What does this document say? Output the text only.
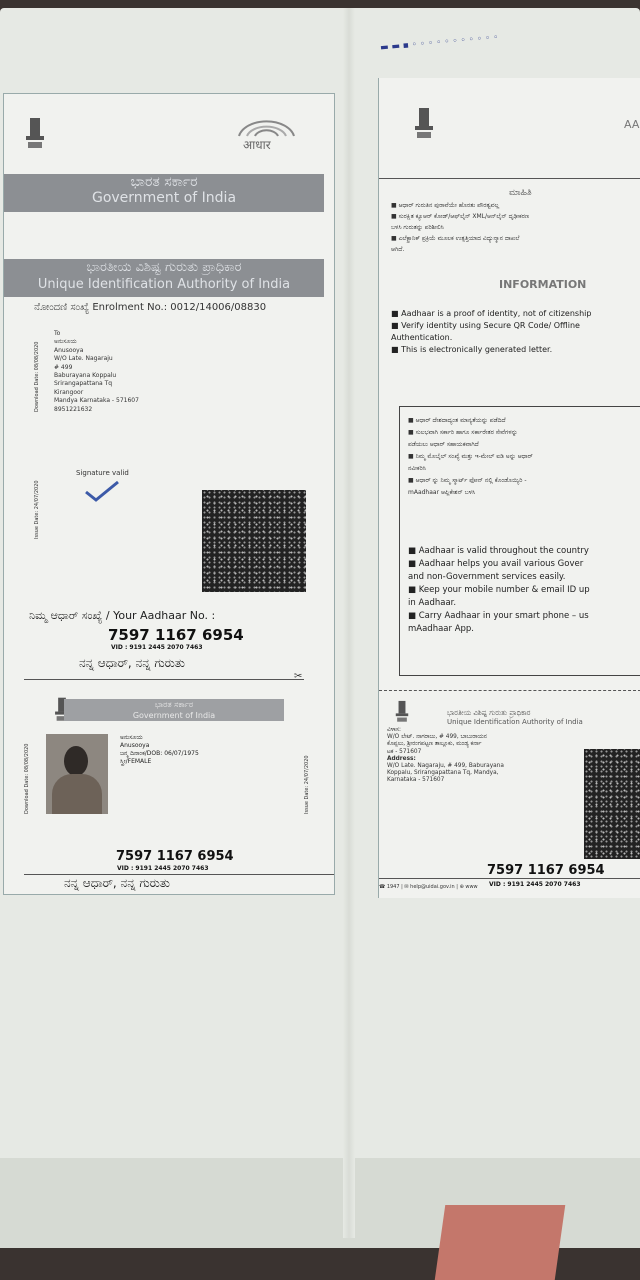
▬ ▬ ▪ ◦ ◦ ◦ ◦ ◦ ◦ ◦ ◦ ◦ ◦ ◦
आधार
ಭಾರತ ಸರ್ಕಾರ
Government of India
ಭಾರತೀಯ ವಿಶಿಷ್ಟ ಗುರುತು ಪ್ರಾಧಿಕಾರ
Unique Identification Authority of India
ನೋಂದಣಿ ಸಂಖ್ಯೆ Enrolment No.: 0012/14006/08830
Download Date: 08/08/2020
Issue Date: 24/07/2020
To
ಅನುಸೂಯ
Anusooya
W/O Late. Nagaraju
# 499
Baburayana Koppalu
Srirangapattana Tq
Kirangoor
Mandya Karnataka - 571607
8951221632
Signature valid
ನಿಮ್ಮ ಆಧಾರ್ ಸಂಖ್ಯೆ / Your Aadhaar No. :
7597 1167 6954
VID : 9191 2445 2070 7463
ನನ್ನ ಆಧಾರ್, ನನ್ನ ಗುರುತು
✂
ಭಾರತ ಸರ್ಕಾರ
Government of India
Download Date: 08/08/2020	Issue Date: 24/07/2020
ಅನುಸೂಯ
Anusooya
ಜನ್ಮ ದಿನಾಂಕ/DOB: 06/07/1975
ಸ್ತ್ರೀ/FEMALE
7597 1167 6954
VID : 9191 2445 2070 7463
ನನ್ನ ಆಧಾರ್, ನನ್ನ ಗುರುತು
AA
ಮಾಹಿತಿ
■ ಆಧಾರ್ ಗುರುತಿನ ಪುರಾವೆಯೇ ಹೊರತು ಪೌರತ್ವವಲ್ಲ
■ ಸುರಕ್ಷಿತ ಕ್ಯೂಆರ್ ಕೋಡ್/ಆಫ್‌ಲೈನ್ XML/ಆನ್‌ಲೈನ್ ದೃಢೀಕರಣ
ಬಳಸಿ ಗುರುತನ್ನು ಪರಿಶೀಲಿಸಿ
■ ಎಲೆಕ್ಟ್ರಾನಿಕ್ ಪ್ರಕ್ರಿಯೆ ಮೂಲಕ ಉತ್ಪತ್ತಿಯಾದ ವಿದ್ಯುನ್ಮಾನ ದಾಖಲೆ
ಆಗಿದೆ.
INFORMATION
■ Aadhaar is a proof of identity, not of citizenship
■ Verify identity using Secure QR Code/ Offline
Authentication.
■ This is electronically generated letter.
■ ಆಧಾರ್ ದೇಶದಾದ್ಯಂತ ಮಾನ್ಯತೆಯನ್ನು ಪಡೆದಿದೆ
■ ಸುಲಭವಾಗಿ ಸರ್ಕಾರಿ ಹಾಗೂ ಸರ್ಕಾರೇತರ ಸೇವೆಗಳನ್ನು
ಪಡೆಯಲು ಆಧಾರ್ ಸಹಾಯಕವಾಗಿದೆ
■ ನಿಮ್ಮ ಮೊಬೈಲ್ ಸಂಖ್ಯೆ ಮತ್ತು ಇ-ಮೇಲ್ ಐಡಿ ಅನ್ನು ಆಧಾರ್
ನವೀಕರಿಸಿ
■ ಆಧಾರ್ ನ್ನು ನಿಮ್ಮ ಸ್ಮಾರ್ಟ್ ಫೋನ್ ನಲ್ಲಿ ಕೊಂಡೊಯ್ಯಿರಿ -
mAadhaar ಆಪ್ಲಿಕೇಶನ್ ಬಳಸಿ
■ Aadhaar is valid throughout the country
■ Aadhaar helps you avail various Gover
and non-Government services easily.
■ Keep your mobile number & email ID up
in Aadhaar.
■ Carry Aadhaar in your smart phone – us
mAadhaar App.
ಭಾರತೀಯ ವಿಶಿಷ್ಟ ಗುರುತು ಪ್ರಾಧಿಕಾರ
Unique Identification Authority of India
ವಿಳಾಸ:
W/O ಲೇಟ್. ನಾಗರಾಜು, # 499, ಬಾಬುರಾಯನ
ಕೊಪ್ಪಲು, ಶ್ರೀರಂಗಪಟ್ಟಣ ತಾಲ್ಲೂಕು, ಮಂಡ್ಯ ಕರ್ನಾ
ಟಕ - 571607
Address:
W/O Late. Nagaraju, # 499, Baburayana
Koppalu, Srirangapattana Tq, Mandya,
Karnataka - 571607
7597 1167 6954
VID : 9191 2445 2070 7463
☎ 1947 | ✉ help@uidai.gov.in | ⊕ www
